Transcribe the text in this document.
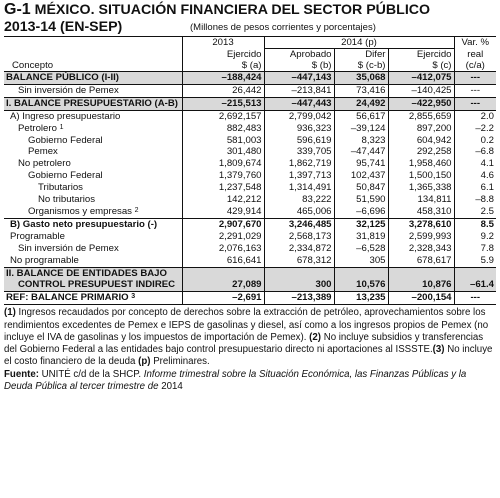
G-1 MÉXICO. SITUACIÓN FINANCIERA DEL SECTOR PÚBLICO
2013-14 (EN-SEP)	(Millones de pesos corrientes y porcentajes)
	2013	2014 (p)			Var. %
	Ejercido	Aprobado	Difer	Ejercido	real
Concepto	$ (a)	$ (b)	$ (c-b)	$ (c)	(c/a)
BALANCE PÚBLICO (I-II)	–188,424	–447,143	35,068	–412,075	---
Sin inversión de Pemex	26,442	–213,841	73,416	–140,425	---
I. BALANCE PRESUPUESTARIO (A-B)	–215,513	–447,443	24,492	–422,950	---
A) Ingreso presupuestario	2,692,157	2,799,042	56,617	2,855,659	2.0
Petrolero $^1$	882,483	936,323	–39,124	897,200	–2.2
Gobierno Federal	581,003	596,619	8,323	604,942	0.2
Pemex	301,480	339,705	–47,447	292,258	–6.8
No petrolero	1,809,674	1,862,719	95,741	1,958,460	4.1
Gobierno Federal	1,379,760	1,397,713	102,437	1,500,150	4.6
Tributarios	1,237,548	1,314,491	50,847	1,365,338	6.1
No tributarios	142,212	83,222	51,590	134,811	–8.8
Organismos y empresas $^2$	429,914	465,006	–6,696	458,310	2.5
B) Gasto neto presupuestario (-)	2,907,670	3,246,485	32,125	3,278,610	8.5
Programable	2,291,029	2,568,173	31,819	2,599,993	9.2
Sin inversión de Pemex	2,076,163	2,334,872	–6,528	2,328,343	7.8
No programable	616,641	678,312	305	678,617	5.9
II. BALANCE DE ENTIDADES BAJO					
CONTROL PRESUPUEST INDIREC	27,089	300	10,576	10,876	–61.4
REF: BALANCE PRIMARIO $^3$	–2,691	–213,389	13,235	–200,154	---
(1) Ingresos recaudados por concepto de derechos sobre la extracción de petróleo, aprovechamientos sobre los rendimientos excedentes de Pemex e IEPS de gasolinas y diesel, así como a los ingresos propios de Pemex (no incluye el IVA de gasolinas y los impuestos de importación de Pemex). (2) No incluye subsidios y transferencias del Gobierno Federal a las entidades bajo control presupuestario directo ni aportaciones al ISSSTE.(3) No incluye el costo financiero de la deuda (p) Preliminares.
Fuente: UNITÉ c/d de la SHCP. Informe trimestral sobre la Situación Económica, las Finanzas Públicas y la Deuda Pública al tercer trimestre de 2014
